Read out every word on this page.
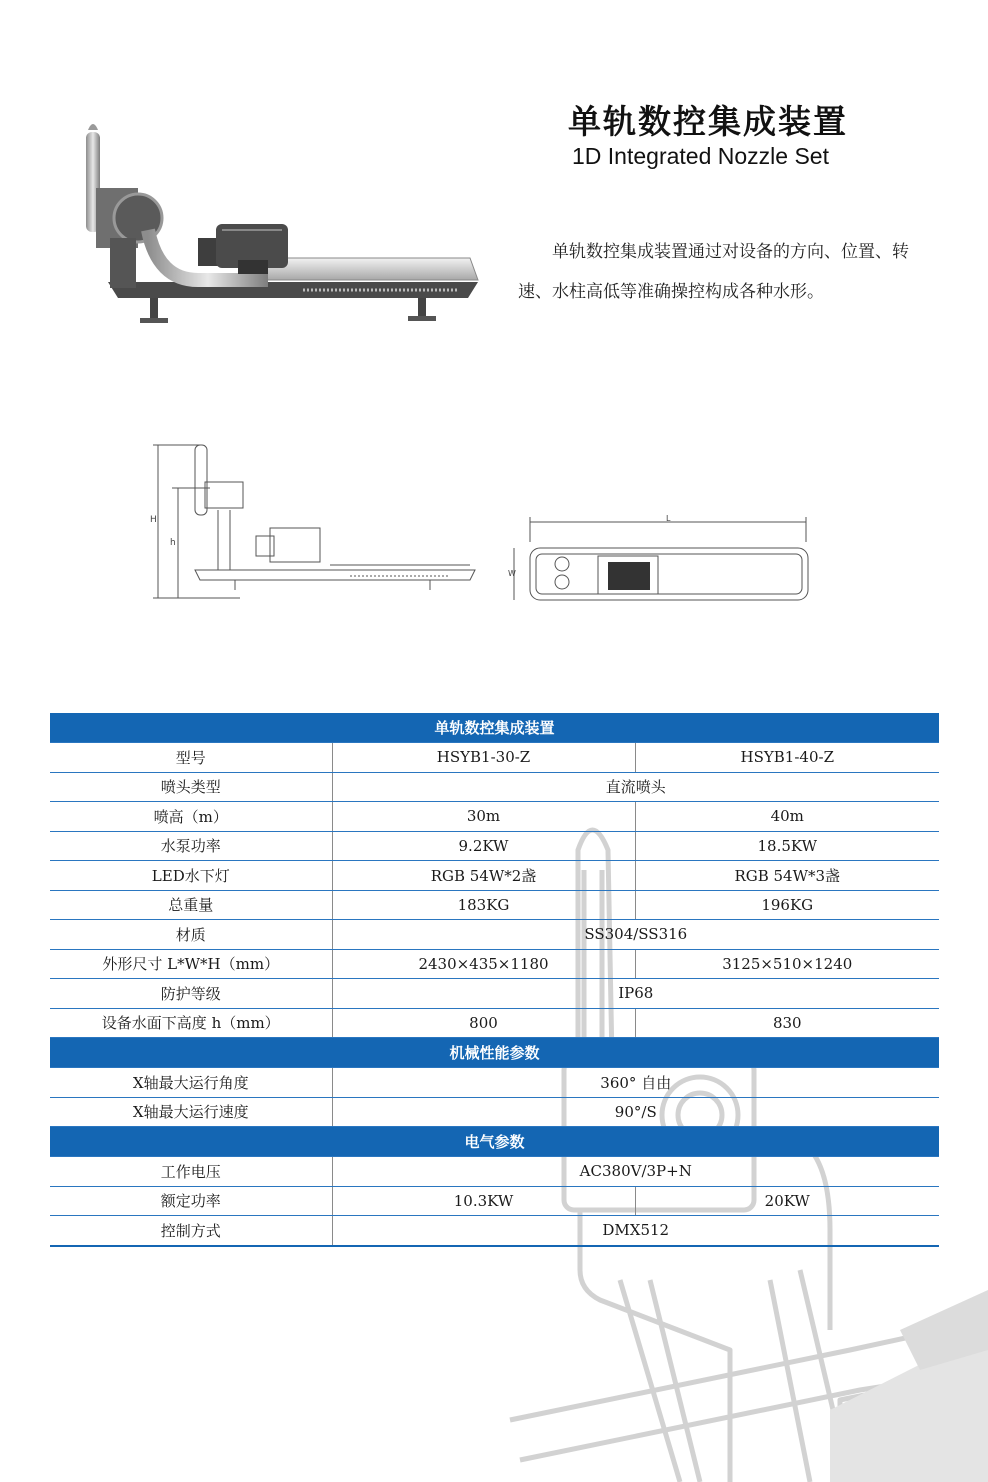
单轨数控集成装置
1D Integrated Nozzle Set
单轨数控集成装置通过对设备的方向、位置、转速、水柱高低等准确操控构成各种水形。
H
h
L
W
单轨数控集成装置		
型号	HSYB1-30-Z	HSYB1-40-Z
喷头类型	直流喷头	
喷高（m）	30m	40m
水泵功率	9.2KW	18.5KW
LED水下灯	RGB 54W*2盏	RGB 54W*3盏
总重量	183KG	196KG
材质	SS304/SS316	
外形尺寸 L*W*H（mm）	2430×435×1180	3125×510×1240
防护等级	IP68	
设备水面下高度 h（mm）	800	830
机械性能参数		
X轴最大运行角度	360° 自由	
X轴最大运行速度	90°/S	
电气参数		
工作电压	AC380V/3P+N	
额定功率	10.3KW	20KW
控制方式	DMX512	
